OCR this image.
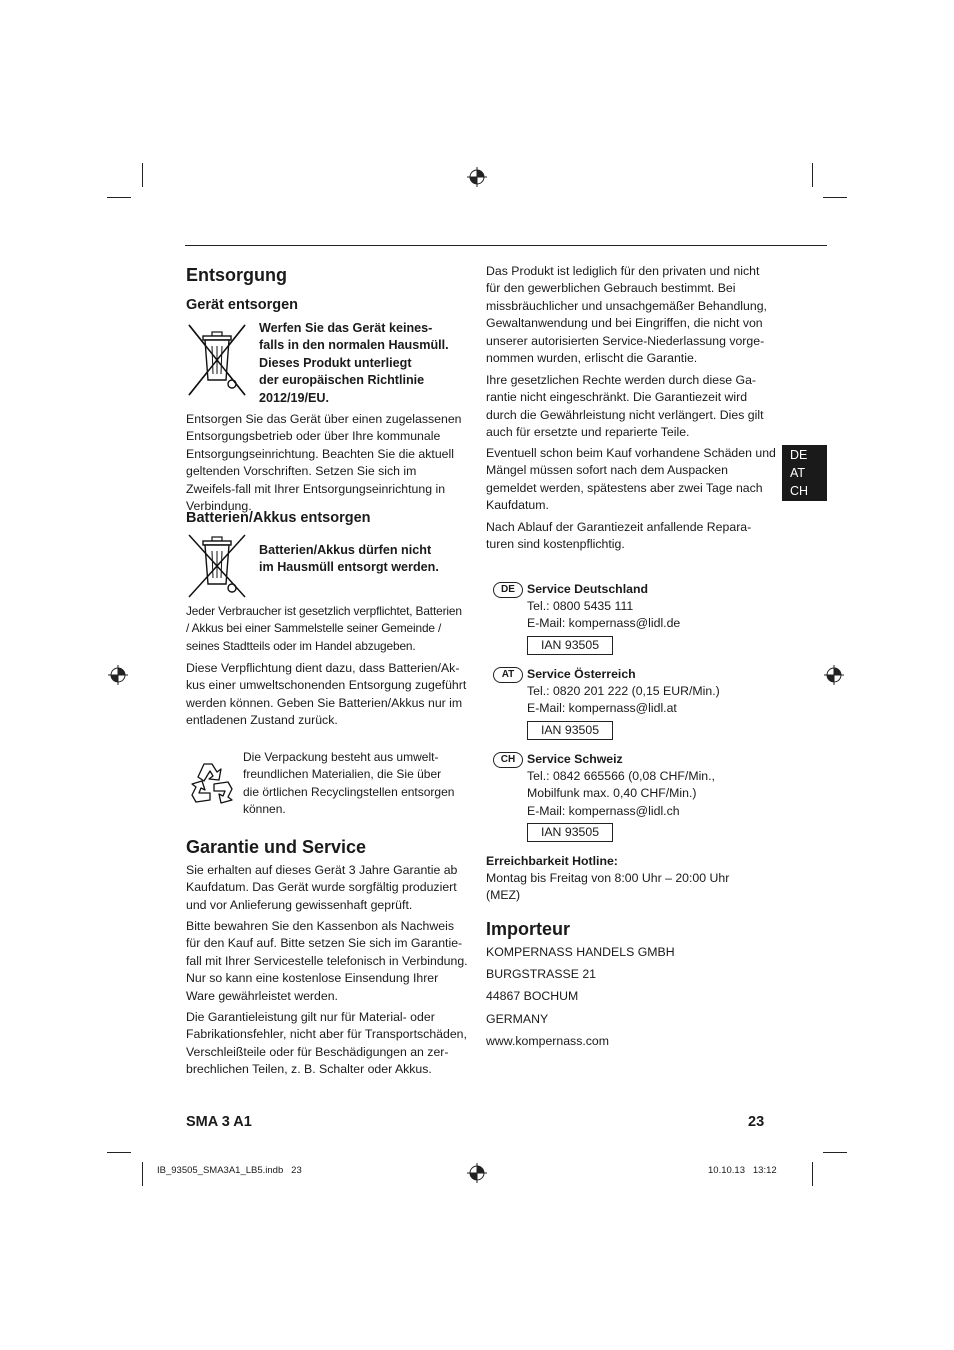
Entsorgung
Gerät entsorgen

Werfen Sie das Gerät keines-
falls in den normalen Hausmüll.
Dieses Produkt unterliegt
der europäischen Richtlinie
2012/19/EU.

Entsorgen Sie das Gerät über einen zugelassenen Entsorgungsbetrieb oder über Ihre kommunale Entsorgungseinrichtung. Beachten Sie die aktuell geltenden Vorschriften. Setzen Sie sich im Zweifels-fall mit Ihrer Entsorgungseinrichtung in Verbindung.

Batterien/Akkus entsorgen

Batterien/Akkus dürfen nicht
im Hausmüll entsorgt werden.

Jeder Verbraucher ist gesetzlich verpflichtet, Batterien / Akkus bei einer Sammelstelle seiner Gemeinde / seines Stadtteils oder im Handel abzugeben.

Diese Verpflichtung dient dazu, dass Batterien/Ak-kus einer umweltschonenden Entsorgung zugeführt werden können. Geben Sie Batterien/Akkus nur im entladenen Zustand zurück.

Die Verpackung besteht aus umwelt-
freundlichen Materialien, die Sie über
die örtlichen Recyclingstellen entsorgen
können.

Garantie und Service

Sie erhalten auf dieses Gerät 3 Jahre Garantie ab Kaufdatum. Das Gerät wurde sorgfältig produziert und vor Anlieferung gewissenhaft geprüft.

Bitte bewahren Sie den Kassenbon als Nachweis für den Kauf auf. Bitte setzen Sie sich im Garantie-fall mit Ihrer Servicestelle telefonisch in Verbindung. Nur so kann eine kostenlose Einsendung Ihrer Ware gewährleistet werden.

Die Garantieleistung gilt nur für Material- oder Fabrikationsfehler, nicht aber für Transportschäden, Verschleißteile oder für Beschädigungen an zer-brechlichen Teilen, z. B. Schalter oder Akkus.

Das Produkt ist lediglich für den privaten und nicht für den gewerblichen Gebrauch bestimmt. Bei missbräuchlicher und unsachgemäßer Behandlung, Gewaltanwendung und bei Eingriffen, die nicht von unserer autorisierten Service-Niederlassung vorge-nommen wurden, erlischt die Garantie.

Ihre gesetzlichen Rechte werden durch diese Ga-rantie nicht eingeschränkt. Die Garantiezeit wird durch die Gewährleistung nicht verlängert. Dies gilt auch für ersetzte und reparierte Teile.

Eventuell schon beim Kauf vorhandene Schäden und Mängel müssen sofort nach dem Auspacken gemeldet werden, spätestens aber zwei Tage nach Kaufdatum.

Nach Ablauf der Garantiezeit anfallende Repara-turen sind kostenpflichtig.

DE Service Deutschland

Tel.: 0800 5435 111
E-Mail: kompernass@lidl.de

IAN 93505
AT	Service Österreich

Tel.: 0820 201 222 (0,15 EUR/Min.)
E-Mail: kompernass@lidl.at

IAN 93505
CH Service Schweiz

Tel.: 0842 665566 (0,08 CHF/Min.,
Mobilfunk max. 0,40 CHF/Min.)
E-Mail: kompernass@lidl.ch

IAN 93505

Erreichbarkeit Hotline:

Montag bis Freitag von 8:00 Uhr – 20:00 Uhr
(MEZ)

Importeur

KOMPERNASS HANDELS GMBH

BURGSTRASSE 21

44867 BOCHUM

GERMANY

www.kompernass.com

DE
AT
CH
SMA 3 A1	23
IB_93505_SMA3A1_LB5.indb   23	10.10.13   13:12
